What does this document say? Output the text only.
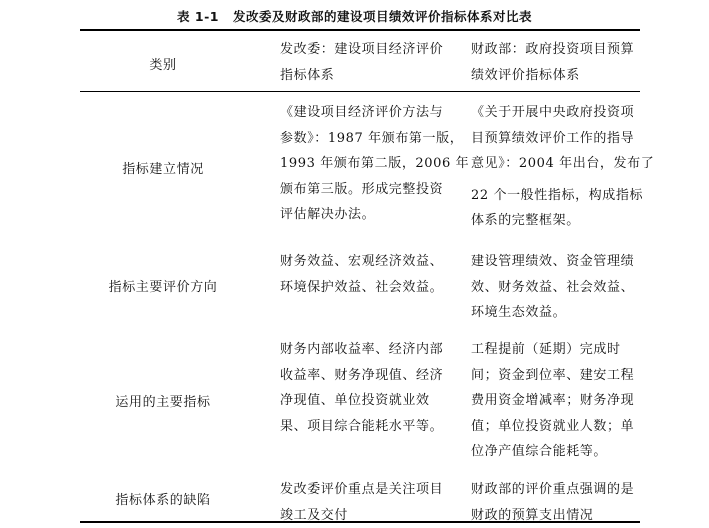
表 1-1 发改委及财政部的建设项目绩效评价指标体系对比表
类别
发改委：建设项目经济评价
指标体系
财政部：政府投资项目预算
绩效评价指标体系
指标建立情况
《建设项目经济评价方法与
参数》：1987 年颁布第一版，
1993 年颁布第二版，2006 年
颁布第三版。形成完整投资
评估解决办法。
《关于开展中央政府投资项
目预算绩效评价工作的指导
意见》：2004 年出台，发布了
22 个一般性指标，构成指标
体系的完整框架。
指标主要评价方向
财务效益、宏观经济效益、
环境保护效益、社会效益。
建设管理绩效、资金管理绩
效、财务效益、社会效益、
环境生态效益。
运用的主要指标
财务内部收益率、经济内部
收益率、财务净现值、经济
净现值、单位投资就业效
果、项目综合能耗水平等。
工程提前（延期）完成时
间；资金到位率、建安工程
费用资金增减率；财务净现
值；单位投资就业人数；单
位净产值综合能耗等。
指标体系的缺陷
发改委评价重点是关注项目
竣工及交付
财政部的评价重点强调的是
财政的预算支出情况
